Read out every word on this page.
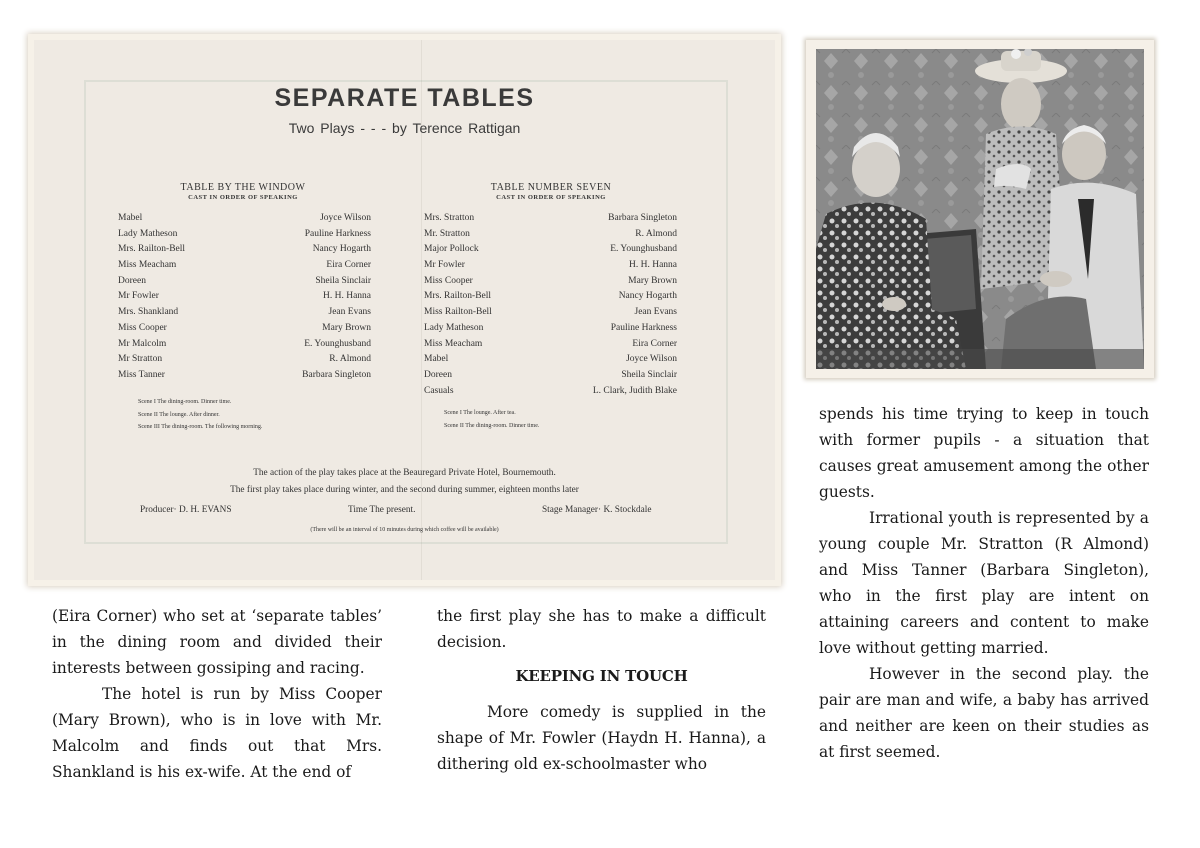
SEPARATE TABLES
Two Plays - - - by Terence Rattigan
TABLE BY THE WINDOW
CAST IN ORDER OF SPEAKING
Mabel	Joyce Wilson
Lady Matheson	Pauline Harkness
Mrs. Railton-Bell	Nancy Hogarth
Miss Meacham	Eira Corner
Doreen	Sheila Sinclair
Mr Fowler	H. H. Hanna
Mrs. Shankland	Jean Evans
Miss Cooper	Mary Brown
Mr Malcolm	E. Younghusband
Mr Stratton	R. Almond
Miss Tanner	Barbara Singleton
Scene I The dining-room. Dinner time.
Scene II The lounge. After dinner.
Scene III The dining-room. The following morning.
TABLE NUMBER SEVEN
CAST IN ORDER OF SPEAKING
Mrs. Stratton	Barbara Singleton
Mr. Stratton	R. Almond
Major Pollock	E. Younghusband
Mr Fowler	H. H. Hanna
Miss Cooper	Mary Brown
Mrs. Railton-Bell	Nancy Hogarth
Miss Railton-Bell	Jean Evans
Lady Matheson	Pauline Harkness
Miss Meacham	Eira Corner
Mabel	Joyce Wilson
Doreen	Sheila Sinclair
Casuals	L. Clark, Judith Blake
Scene I The lounge. After tea.
Scene II The dining-room. Dinner time.
The action of the play takes place at the Beauregard Private Hotel, Bournemouth.
The first play takes place during winter, and the second during summer, eighteen months later
Producer· D. H. EVANS	Time The present.	Stage Manager· K. Stockdale
(There will be an interval of 10 minutes during which coffee will be available)

(Eira Corner) who set at ‘separate tables’ in the dining room and divided their interests between gossiping and racing.

The hotel is run by Miss Cooper (Mary Brown), who is in love with Mr. Malcolm and finds out that Mrs. Shankland is his ex-wife. At the end of

the first play she has to make a difficult decision.

KEEPING IN TOUCH

More comedy is supplied in the shape of Mr. Fowler (Haydn H. Hanna), a dithering old ex-schoolmaster who

spends his time trying to keep in touch with former pupils - a situation that causes great amusement among the other guests.

Irrational youth is represented by a young couple Mr. Stratton (R Almond) and Miss Tanner (Barbara Singleton), who in the first play are intent on attaining careers and content to make love without getting married.

However in the second play. the pair are man and wife, a baby has arrived and neither are keen on their studies as at first seemed.
